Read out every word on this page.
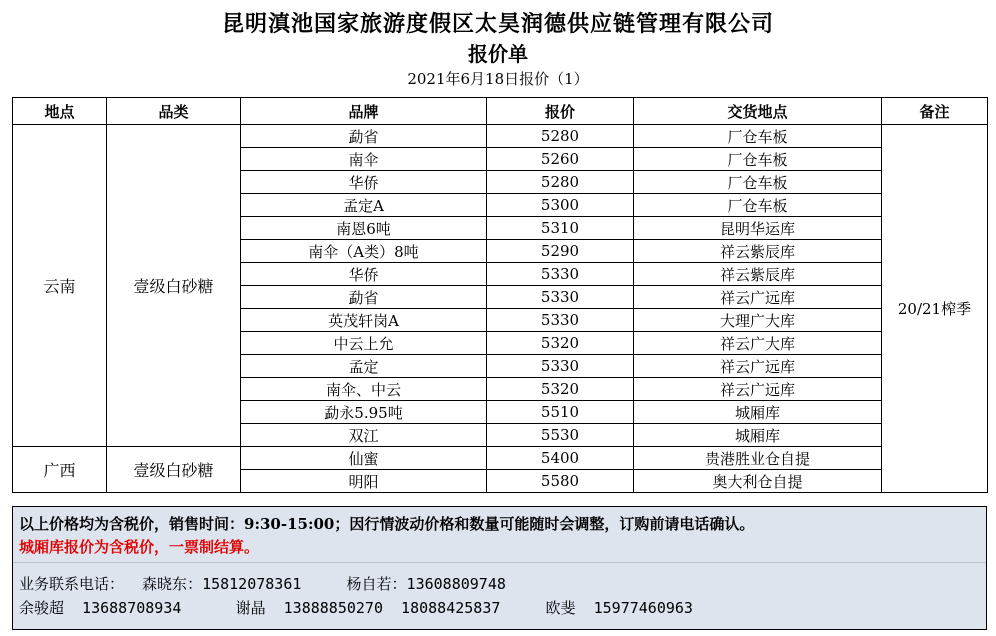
昆明滇池国家旅游度假区太昊润德供应链管理有限公司
报价单
2021年6月18日报价（1）
地点	品类	品牌	报价	交货地点	备注
云南	壹级白砂糖	勐省	5280	厂仓车板	20/21榨季
		南伞	5260	厂仓车板	
		华侨	5280	厂仓车板	
		孟定A	5300	厂仓车板	
		南恩6吨	5310	昆明华运库	
		南伞（A类）8吨	5290	祥云紫辰库	
		华侨	5330	祥云紫辰库	
		勐省	5330	祥云广远库	
		英茂轩岗A	5330	大理广大库	
		中云上允	5320	祥云广大库	
		孟定	5330	祥云广远库	
		南伞、中云	5320	祥云广远库	
		勐永5.95吨	5510	城厢库	
		双江	5530	城厢库	
广西	壹级白砂糖	仙蜜	5400	贵港胜业仓自提	
		明阳	5580	奥大利仓自提	
以上价格均为含税价，销售时间：9:30-15:00；因行情波动价格和数量可能随时会调整，订购前请电话确认。
城厢库报价为含税价，一票制结算。
业务联系电话：  森晓东：15812078361     杨自若：13608809748
余骏超  13688708934      谢晶  13888850270  18088425837     欧斐  15977460963
